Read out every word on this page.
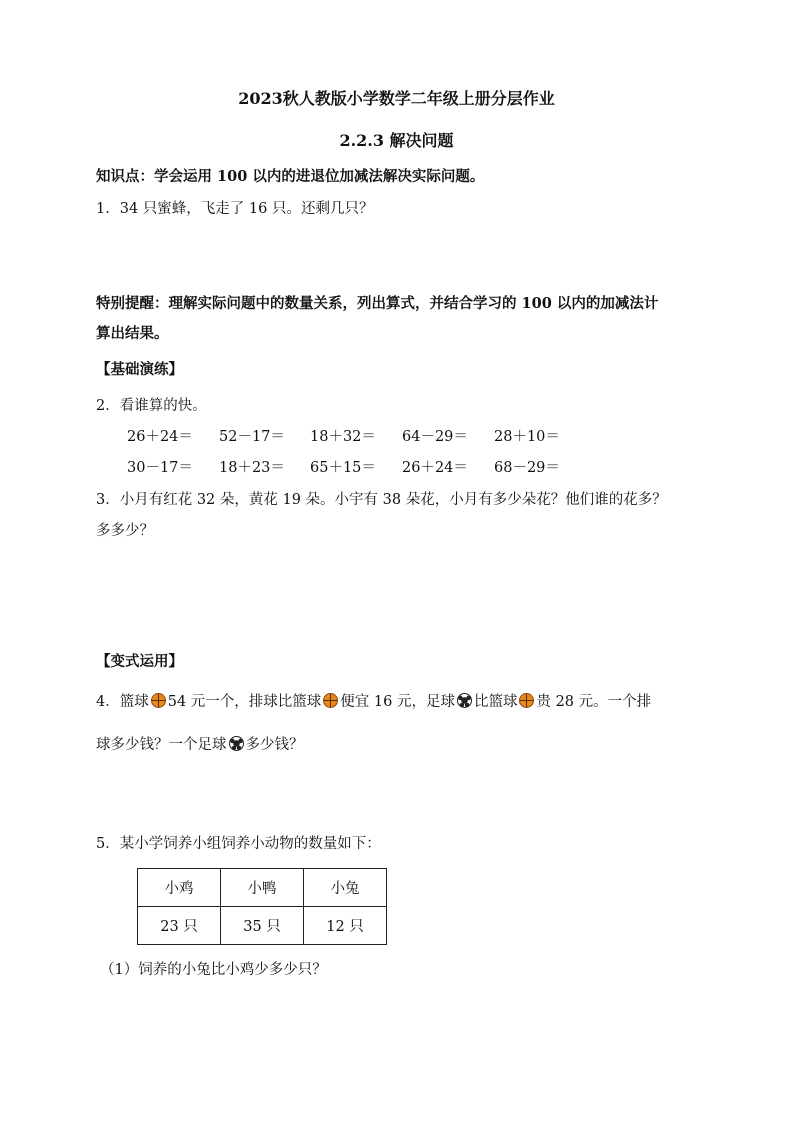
2023秋人教版小学数学二年级上册分层作业
2.2.3 解决问题
知识点：学会运用 100 以内的进退位加减法解决实际问题。
1．34 只蜜蜂，飞走了 16 只。还剩几只？
特别提醒：理解实际问题中的数量关系，列出算式，并结合学习的 100 以内的加减法计
算出结果。
【基础演练】
2．看谁算的快。
26＋24＝ 52－17＝ 18＋32＝ 64－29＝ 28＋10＝
30－17＝ 18＋23＝ 65＋15＝ 26＋24＝ 68－29＝
3．小月有红花 32 朵，黄花 19 朵。小宇有 38 朵花，小月有多少朵花？他们谁的花多？
多多少？
【变式运用】
4．篮球 54 元一个，排球比篮球 便宜 16 元，足球 比篮球 贵 28 元。一个排
球多少钱？一个足球 多少钱？
5．某小学饲养小组饲养小动物的数量如下：
小鸡	小鸭	小兔
23 只	35 只	12 只
（1）饲养的小兔比小鸡少多少只？
